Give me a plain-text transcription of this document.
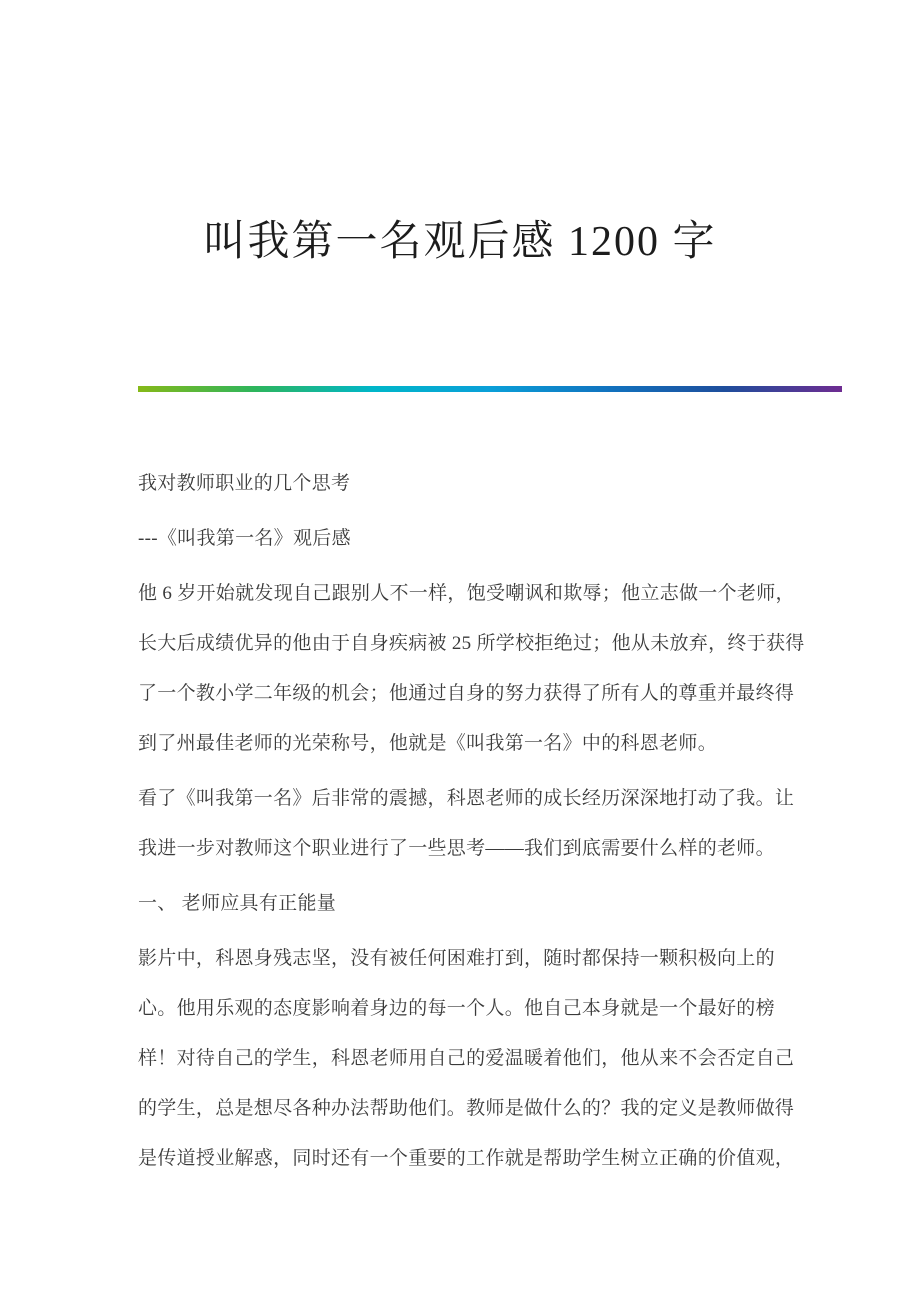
叫我第一名观后感 1200 字
我对教师职业的几个思考
---《叫我第一名》观后感
他 6 岁开始就发现自己跟别人不一样，饱受嘲讽和欺辱；他立志做一个老师，
长大后成绩优异的他由于自身疾病被 25 所学校拒绝过；他从未放弃，终于获得
了一个教小学二年级的机会；他通过自身的努力获得了所有人的尊重并最终得
到了州最佳老师的光荣称号，他就是《叫我第一名》中的科恩老师。
看了《叫我第一名》后非常的震撼，科恩老师的成长经历深深地打动了我。让
我进一步对教师这个职业进行了一些思考——我们到底需要什么样的老师。
一、 老师应具有正能量
影片中，科恩身残志坚，没有被任何困难打到，随时都保持一颗积极向上的
心。他用乐观的态度影响着身边的每一个人。他自己本身就是一个最好的榜
样！对待自己的学生，科恩老师用自己的爱温暖着他们，他从来不会否定自己
的学生，总是想尽各种办法帮助他们。教师是做什么的？我的定义是教师做得
是传道授业解惑，同时还有一个重要的工作就是帮助学生树立正确的价值观，
